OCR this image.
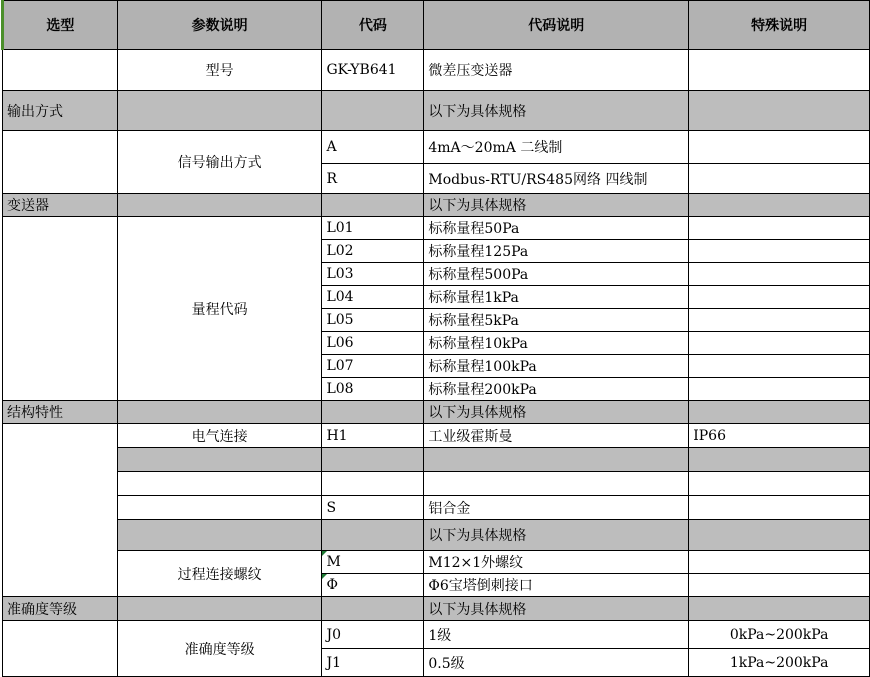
选型	参数说明	代码	代码说明	特殊说明
	型号	GK-YB641	微差压变送器	
输出方式			以下为具体规格	
	信号输出方式	A	4mA～20mA 二线制	
		R	Modbus-RTU/RS485网络 四线制	
变送器			以下为具体规格	
	量程代码	L01	标称量程50Pa	
		L02	标称量程125Pa	
		L03	标称量程500Pa	
		L04	标称量程1kPa	
		L05	标称量程5kPa	
		L06	标称量程10kPa	
		L07	标称量程100kPa	
		L08	标称量程200kPa	
结构特性			以下为具体规格	
	电气连接	H1	工业级霍斯曼	IP66

		S	铝合金	
			以下为具体规格	
	过程连接螺纹	M	M12×1外螺纹	
		Φ	Φ6宝塔倒刺接口	
准确度等级			以下为具体规格	
	准确度等级	J0	1级	0kPa~200kPa
		J1	0.5级	1kPa~200kPa
